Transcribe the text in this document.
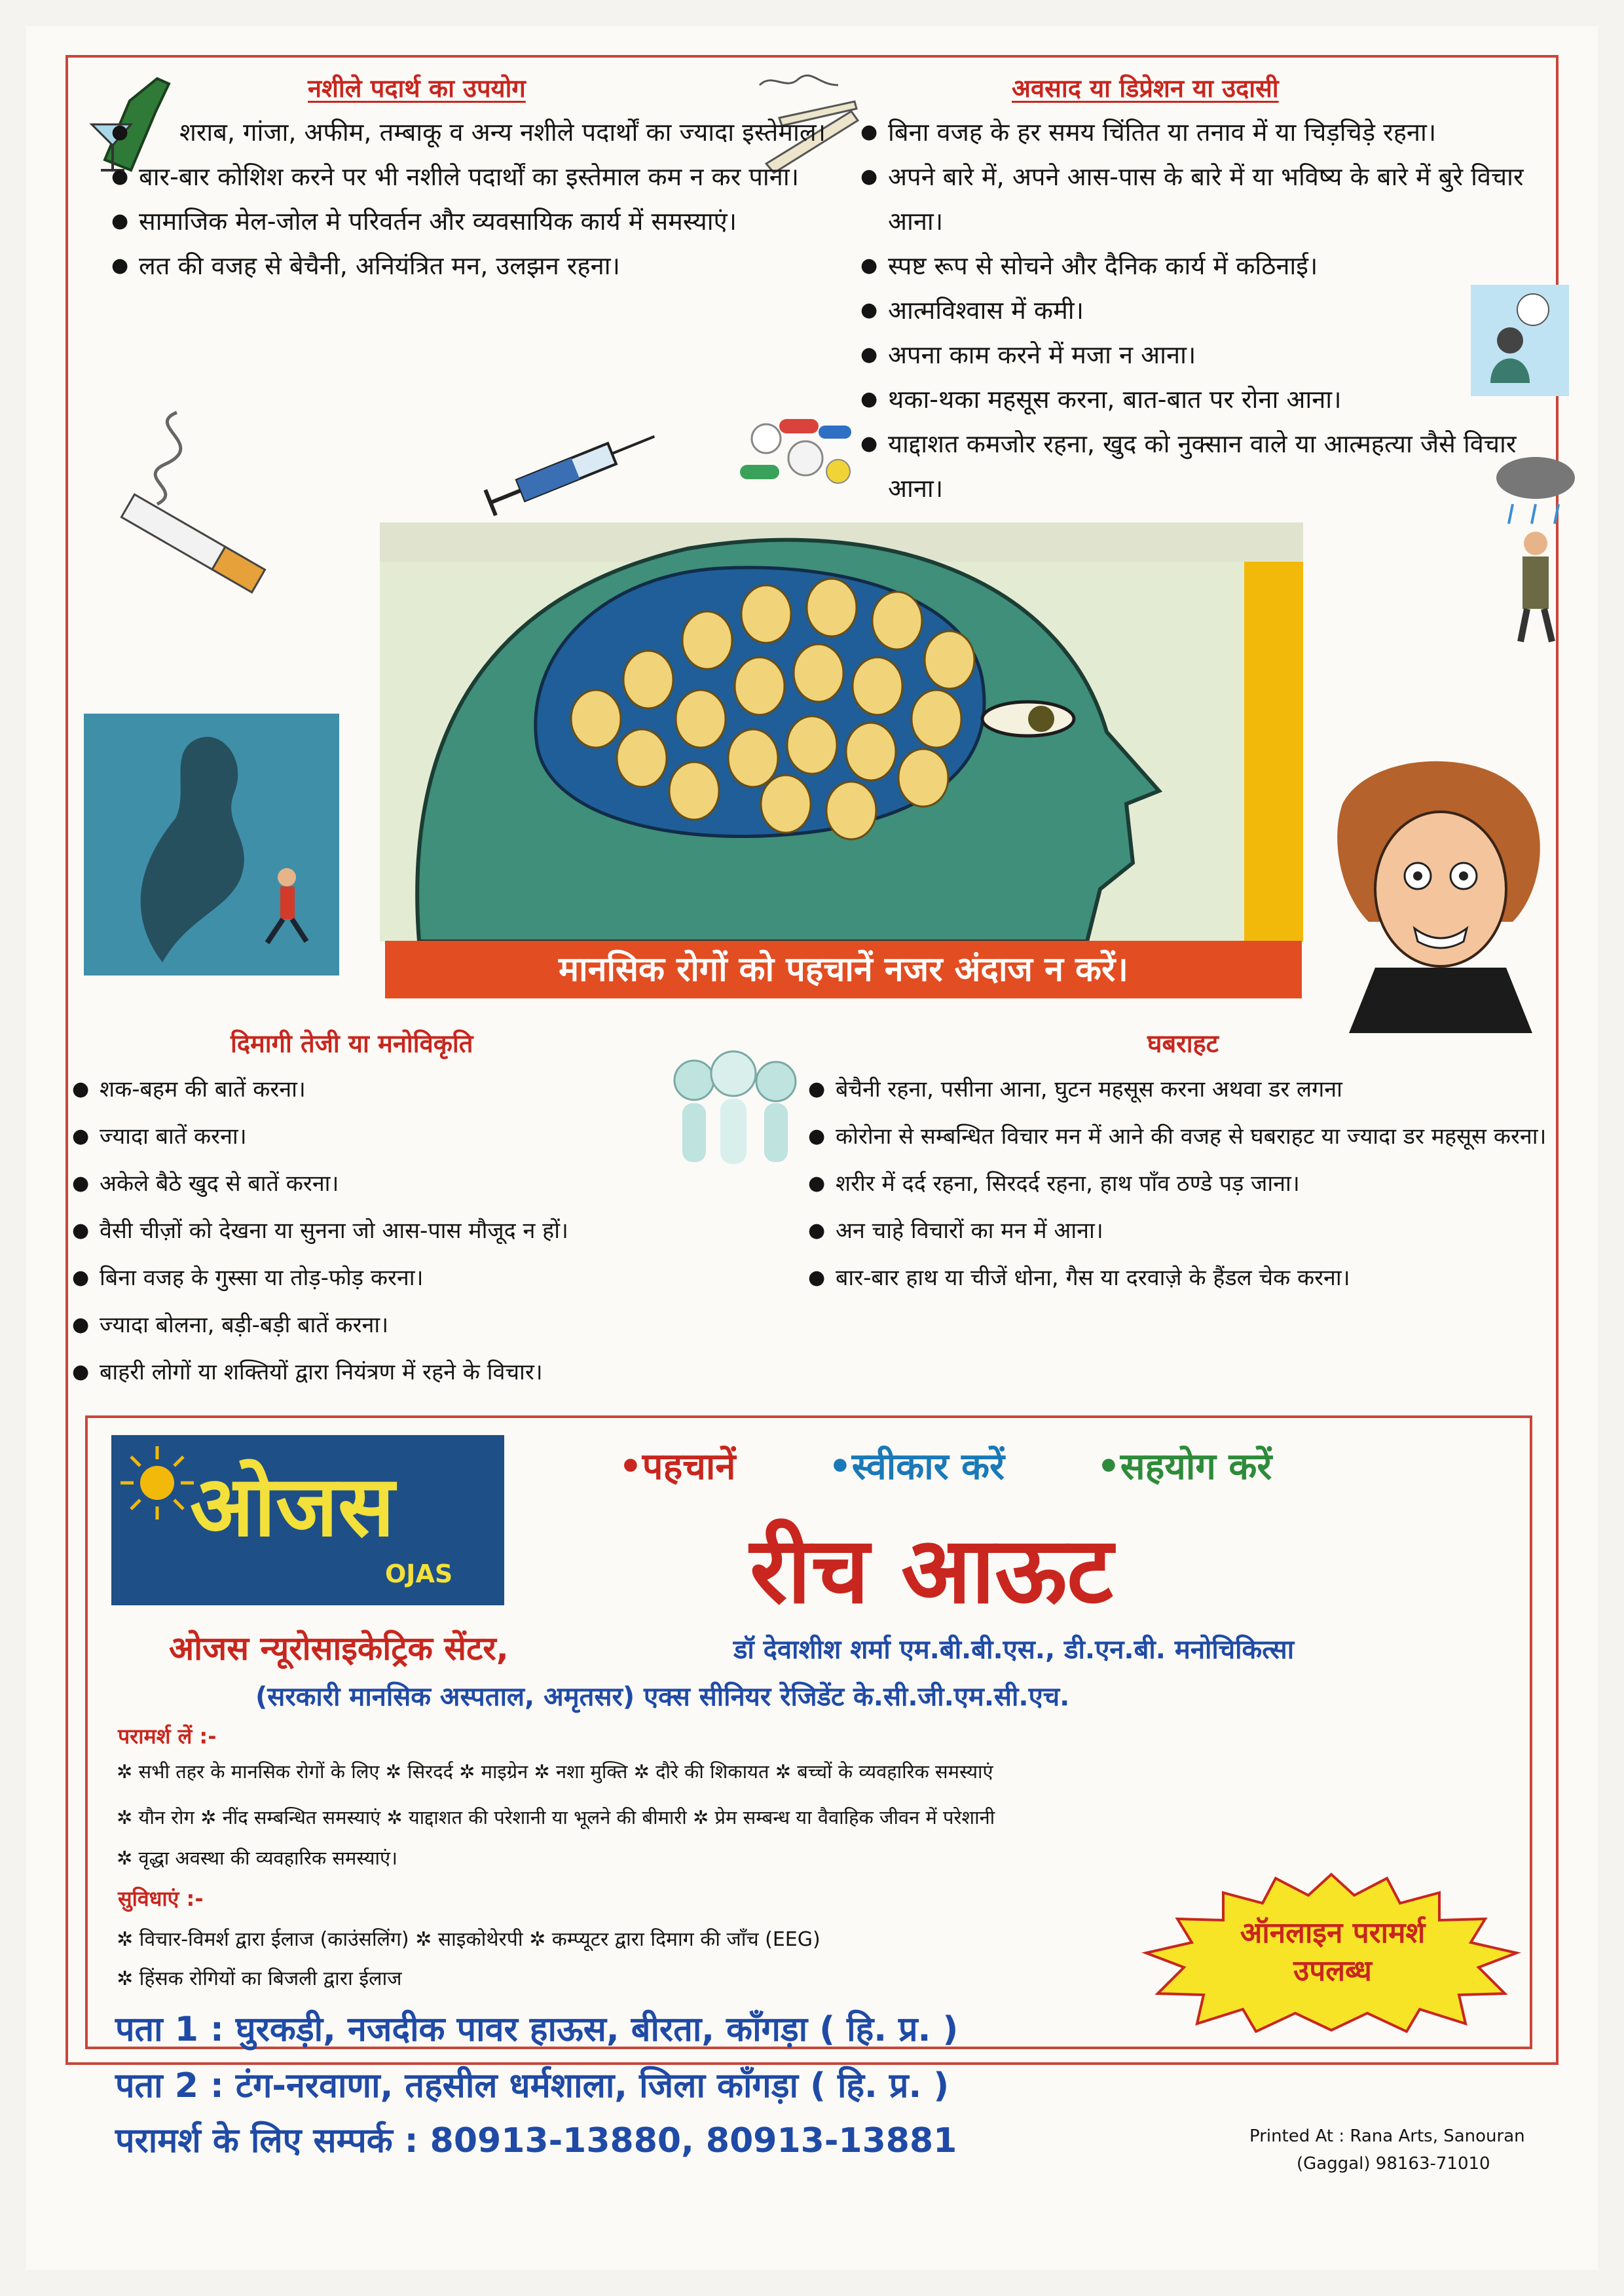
नशीले पदार्थ का उपयोग
● शराब, गांजा, अफीम, तम्बाकू व अन्य नशीले पदार्थों का ज्यादा इस्तेमाल।
● बार-बार कोशिश करने पर भी नशीले पदार्थों का इस्तेमाल कम न कर पाना।
● सामाजिक मेल-जोल मे परिवर्तन और व्यवसायिक कार्य में समस्याएं।
● लत की वजह से बेचैनी, अनियंत्रित मन, उलझन रहना।
अवसाद या डिप्रेशन या उदासी
● बिना वजह के हर समय चिंतित या तनाव में या चिड़चिड़े रहना।
● अपने बारे में, अपने आस-पास के बारे में या भविष्य के बारे में बुरे विचार आना।
● स्पष्ट रूप से सोचने और दैनिक कार्य में कठिनाई।
● आत्मविश्वास में कमी।
● अपना काम करने में मजा न आना।
● थका-थका महसूस करना, बात-बात पर रोना आना।
● याद्दाशत कमजोर रहना, खुद को नुक्सान वाले या आत्महत्या जैसे विचार आना।
मानसिक रोगों को पहचानें नजर अंदाज न करें।
दिमागी तेजी या मनोविकृति
● शक-बहम की बातें करना।
● ज्यादा बातें करना।
● अकेले बैठे खुद से बातें करना।
● वैसी चीज़ों को देखना या सुनना जो आस-पास मौजूद न हों।
● बिना वजह के गुस्सा या तोड़-फोड़ करना।
● ज्यादा बोलना, बड़ी-बड़ी बातें करना।
● बाहरी लोगों या शक्तियों द्वारा नियंत्रण में रहने के विचार।
घबराहट
● बेचैनी रहना, पसीना आना, घुटन महसूस करना अथवा डर लगना
● कोरोना से सम्बन्धित विचार मन में आने की वजह से घबराहट या ज्यादा डर महसूस करना।
● शरीर में दर्द रहना, सिरदर्द रहना, हाथ पाँव ठण्डे पड़ जाना।
● अन चाहे विचारों का मन में आना।
● बार-बार हाथ या चीजें धोना, गैस या दरवाज़े के हैंडल चेक करना।
ओजस
OJAS
•पहचानें	•स्वीकार करें	•सहयोग करें
रीच आऊट
ओजस न्यूरोसाइकेट्रिक सेंटर,	डॉ देवाशीश शर्मा एम.बी.बी.एस., डी.एन.बी. मनोचिकित्सा
(सरकारी मानसिक अस्पताल, अमृतसर) एक्स सीनियर रेजिडेंट के.सी.जी.एम.सी.एच.
परामर्श लें :-
✲ सभी तहर के मानसिक रोगों के लिए ✲ सिरदर्द ✲ माइग्रेन ✲ नशा मुक्ति ✲ दौरे की शिकायत ✲ बच्चों के व्यवहारिक समस्याएं
✲ यौन रोग ✲ नींद सम्बन्धित समस्याएं ✲ याद्दाशत की परेशानी या भूलने की बीमारी ✲ प्रेम सम्बन्ध या वैवाहिक जीवन में परेशानी
✲ वृद्धा अवस्था की व्यवहारिक समस्याएं।
सुविधाएं :-
✲ विचार-विमर्श द्वारा ईलाज (काउंसलिंग) ✲ साइकोथेरपी ✲ कम्प्यूटर द्वारा दिमाग की जाँच (EEG)
✲ हिंसक रोगियों का बिजली द्वारा ईलाज
ऑनलाइन परामर्श
उपलब्ध
पता 1 : घुरकड़ी, नजदीक पावर हाऊस, बीरता, काँगड़ा ( हि. प्र. )
पता 2 : टंग-नरवाणा, तहसील धर्मशाला, जिला काँगड़ा ( हि. प्र. )
परामर्श के लिए सम्पर्क : 80913-13880, 80913-13881	Printed At : Rana Arts, Sanouran
(Gaggal) 98163-71010
